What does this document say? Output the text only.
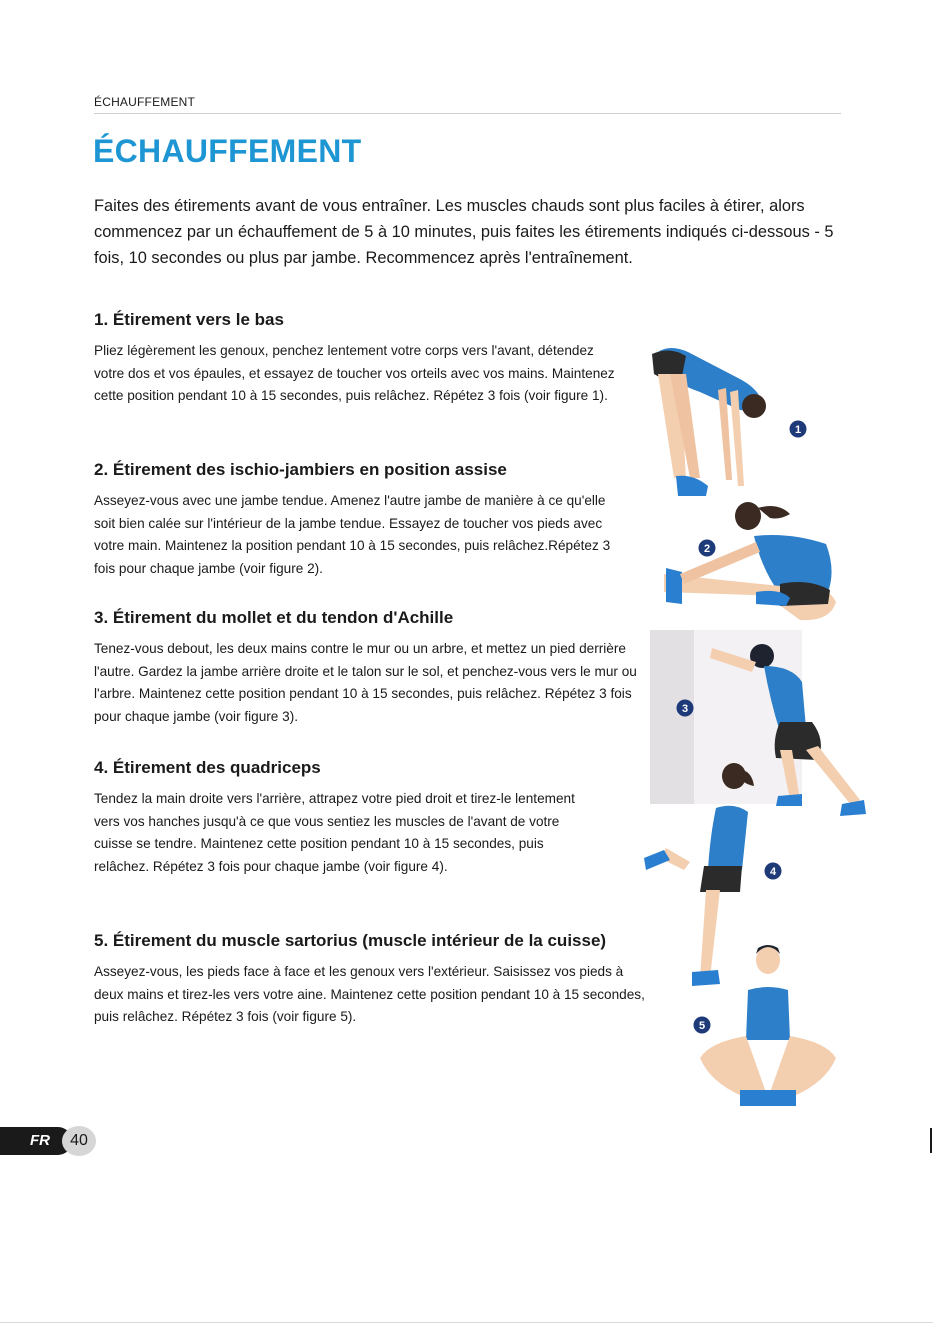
ÉCHAUFFEMENT
ÉCHAUFFEMENT

Faites des étirements avant de vous entraîner. Les muscles chauds sont plus faciles à étirer, alors commencez par un échauffement de 5 à 10 minutes, puis faites les étirements indiqués ci-dessous - 5 fois, 10 secondes ou plus par jambe. Recommencez après l'entraînement.

1. Étirement vers le bas

Pliez légèrement les genoux, penchez lentement votre corps vers l'avant, détendez votre dos et vos épaules, et essayez de toucher vos orteils avec vos mains. Maintenez cette position pendant 10 à 15 secondes, puis relâchez. Répétez 3 fois (voir figure 1).

2. Étirement des ischio-jambiers en position assise

Asseyez-vous avec une jambe tendue. Amenez l'autre jambe de manière à ce qu'elle soit bien calée sur l'intérieur de la jambe tendue. Essayez de toucher vos pieds avec votre main. Maintenez la position pendant 10 à 15 secondes, puis relâchez.Répétez 3 fois pour chaque jambe (voir figure 2).

3. Étirement du mollet et du tendon d'Achille

Tenez-vous debout, les deux mains contre le mur ou un arbre, et mettez un pied derrière l'autre. Gardez la jambe arrière droite et le talon sur le sol, et penchez-vous vers le mur ou l'arbre. Maintenez cette position pendant 10 à 15 secondes, puis relâchez. Répétez 3 fois pour chaque jambe (voir figure 3).

4. Étirement des quadriceps

Tendez la main droite vers l'arrière, attrapez votre pied droit et tirez-le lentement vers vos hanches jusqu'à ce que vous sentiez les muscles de l'avant de votre cuisse se tendre. Maintenez cette position pendant 10 à 15 secondes, puis relâchez. Répétez 3 fois pour chaque jambe (voir figure 4).

5. Étirement du muscle sartorius (muscle intérieur de la cuisse)

Asseyez-vous, les pieds face à face et les genoux vers l'extérieur. Saisissez vos pieds à deux mains et tirez-les vers votre aine. Maintenez cette position pendant 10 à 15 secondes, puis relâchez. Répétez 3 fois (voir figure 5).

1
2
3
4
5
FR	40
